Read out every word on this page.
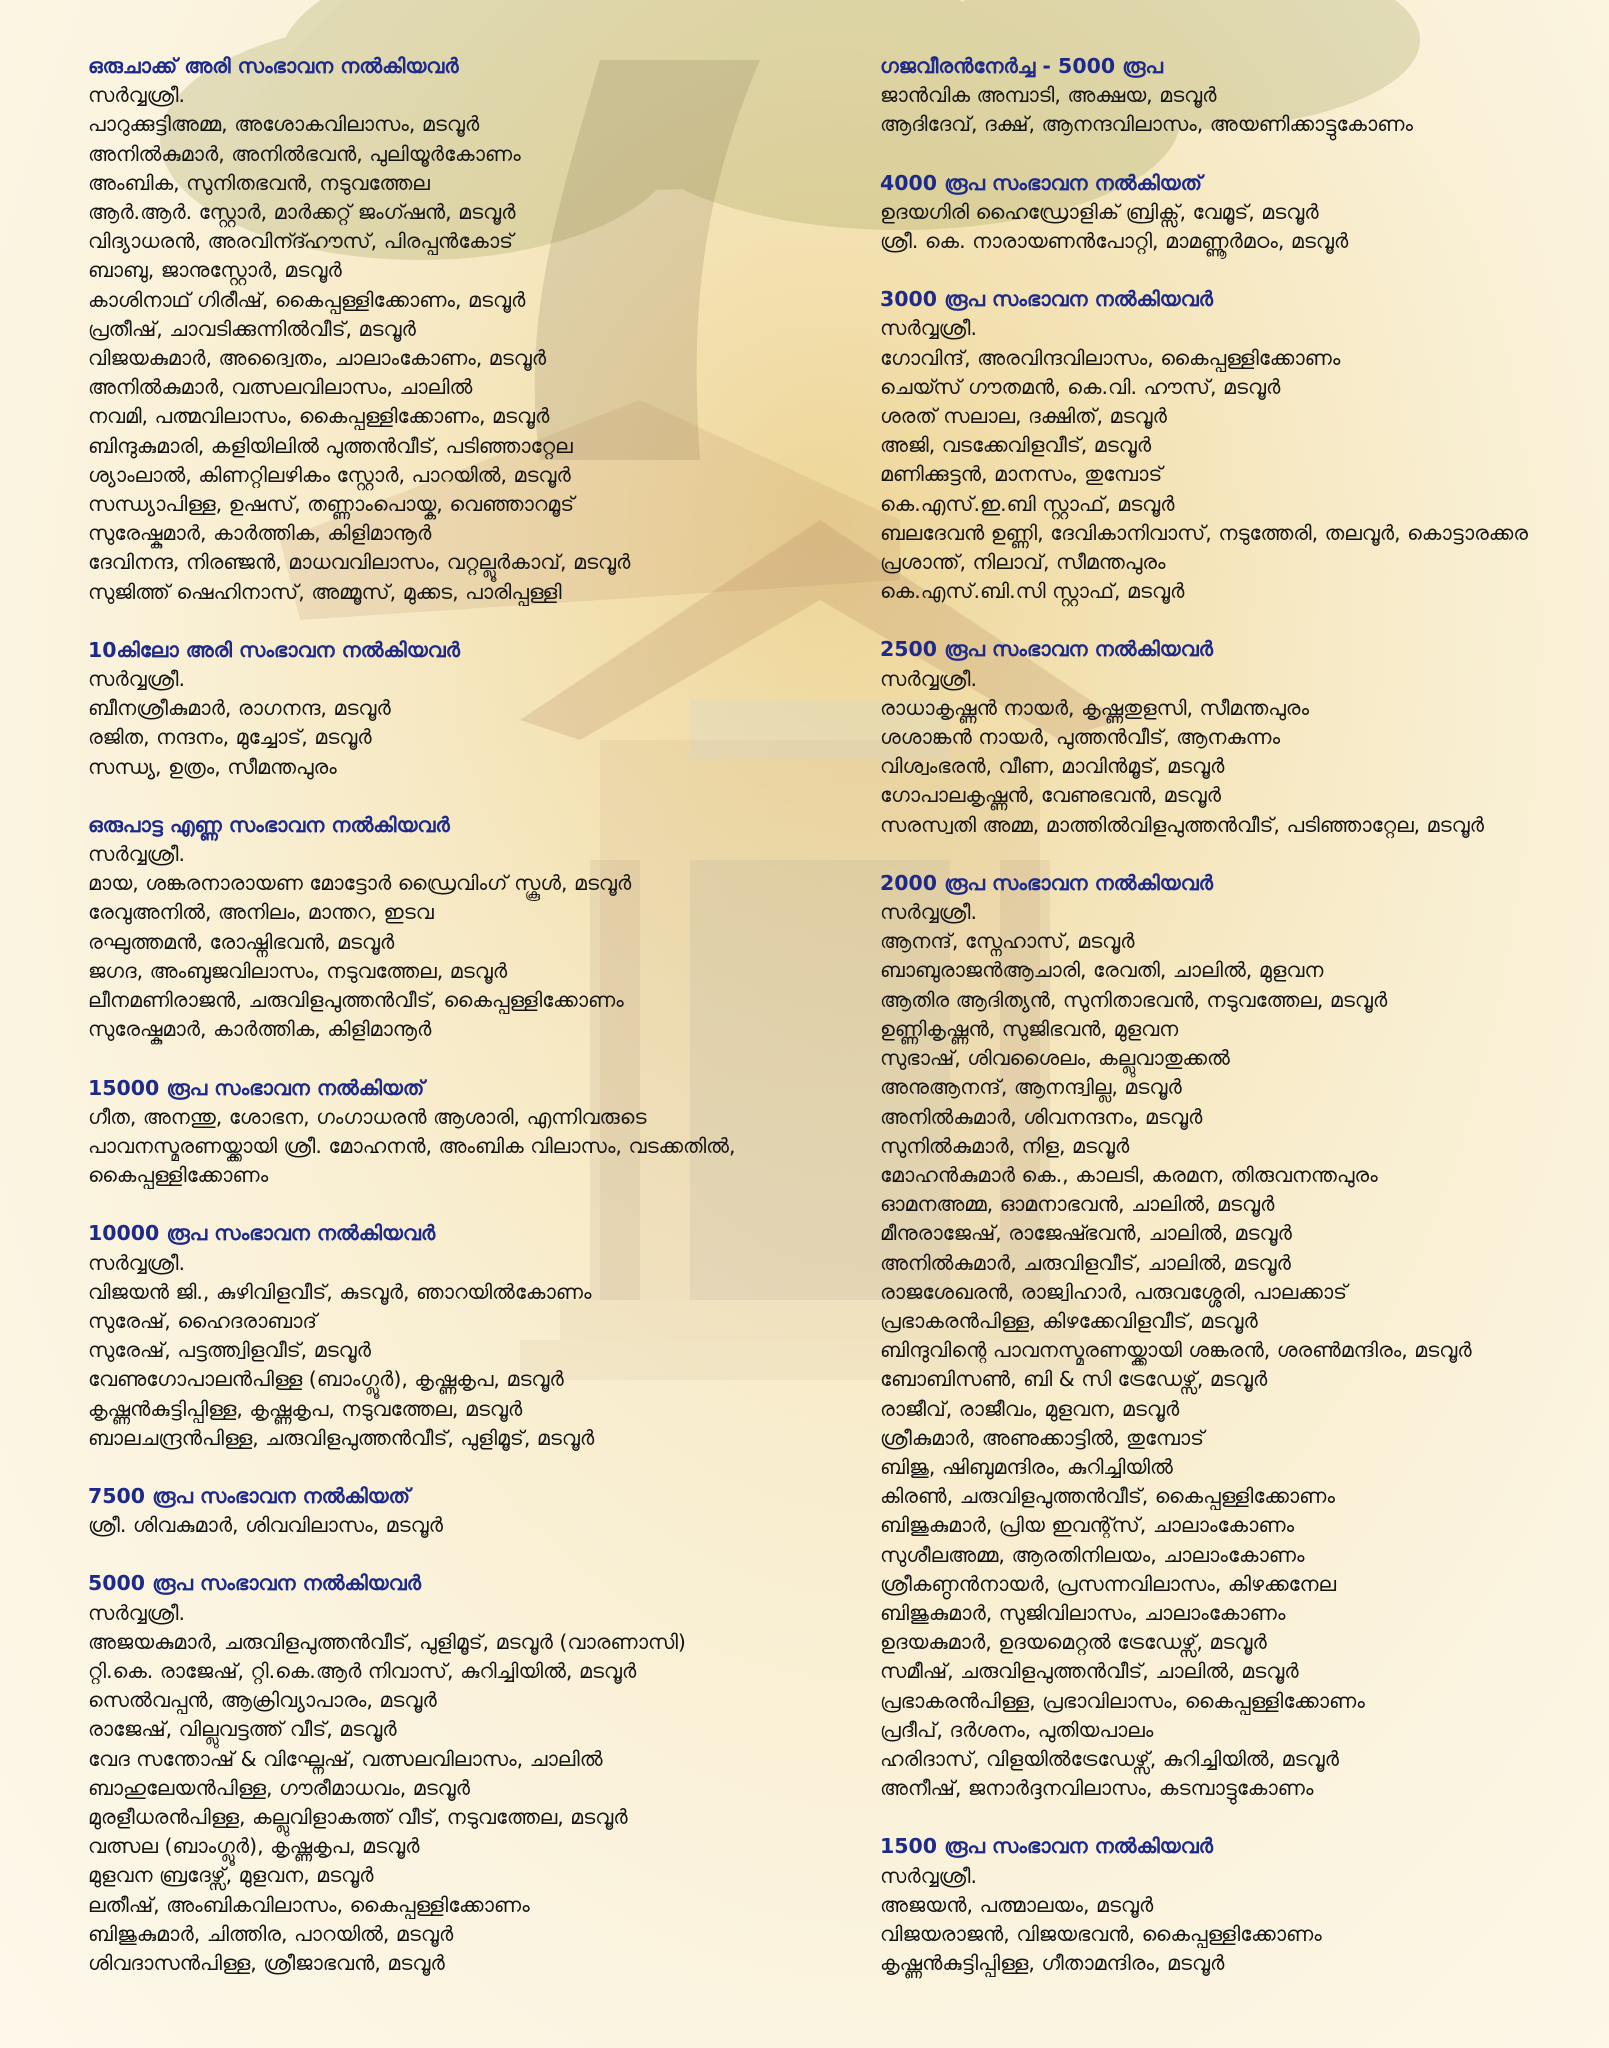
ഒരുചാക്ക് അരി സംഭാവന നൽകിയവർ
സർവ്വശ്രീ.
പാറുക്കുട്ടിഅമ്മ, അശോകവിലാസം, മടവൂർ
അനിൽകുമാർ, അനിൽഭവൻ, പുലിയൂർകോണം
അംബിക, സുനിതഭവൻ, നടുവത്തേല
ആർ.ആർ. സ്റ്റോർ, മാർക്കറ്റ് ജംഗ്ഷൻ, മടവൂർ
വിദ്യാധരൻ, അരവിന്ദ്ഹൗസ്, പിരപ്പൻകോട്
ബാബു, ജാനുസ്റ്റോർ, മടവൂർ
കാശിനാഥ് ഗിരീഷ്, കൈപ്പള്ളിക്കോണം, മടവൂർ
പ്രതീഷ്, ചാവടിക്കുന്നിൽവീട്, മടവൂർ
വിജയകുമാർ, അദ്വൈതം, ചാലാംകോണം, മടവൂർ
അനിൽകുമാർ, വത്സലവിലാസം, ചാലിൽ
നവമി, പത്മവിലാസം, കൈപ്പള്ളിക്കോണം, മടവൂർ
ബിന്ദുകുമാരി, കളിയിലിൽ പുത്തൻവീട്, പടിഞ്ഞാറ്റേല
ശ്യാംലാൽ, കിണറ്റിലഴികം സ്റ്റോർ, പാറയിൽ, മടവൂർ
സന്ധ്യാപിള്ള, ഉഷസ്, തണ്ണാംപൊയ്ക, വെഞ്ഞാറമൂട്
സുരേഷ്കുമാർ, കാർത്തിക, കിളിമാനൂർ
ദേവിനന്ദ, നിരഞ്ജൻ, മാധവവിലാസം, വറ്റല്ലൂർകാവ്, മടവൂർ
സുജിത്ത് ഷെഹിനാസ്, അമ്മൂസ്, മുക്കട, പാരിപ്പള്ളി
10കിലോ അരി സംഭാവന നൽകിയവർ
സർവ്വശ്രീ.
ബീനശ്രീകുമാർ, രാഗനന്ദ, മടവൂർ
രജിത, നന്ദനം, മുച്ചോട്, മടവൂർ
സന്ധ്യ, ഉത്രം, സീമന്തപുരം
ഒരുപാട്ട എണ്ണ സംഭാവന നൽകിയവർ
സർവ്വശ്രീ.
മായ, ശങ്കരനാരായണ മോട്ടോർ ഡ്രൈവിംഗ് സ്കൂൾ, മടവൂർ
രേവുഅനിൽ, അനിലം, മാന്തറ, ഇടവ
രഘുത്തമൻ, രോഷ്നിഭവൻ, മടവൂർ
ജഗദ, അംബുജവിലാസം, നടുവത്തേല, മടവൂർ
ലീനമണിരാജൻ, ചരുവിളപുത്തൻവീട്, കൈപ്പള്ളിക്കോണം
സുരേഷ്കുമാർ, കാർത്തിക, കിളിമാനൂർ
15000 രൂപ സംഭാവന നൽകിയത്
ഗീത, അനന്തു, ശോഭന, ഗംഗാധരൻ ആശാരി, എന്നിവരുടെ
പാവനസ്മരണയ്ക്കായി ശ്രീ. മോഹനൻ, അംബിക വിലാസം, വടക്കതിൽ,
കൈപ്പള്ളിക്കോണം
10000 രൂപ സംഭാവന നൽകിയവർ
സർവ്വശ്രീ.
വിജയൻ ജി., കുഴിവിളവീട്, കുടവൂർ, ഞാറയിൽകോണം
സുരേഷ്, ഹൈദരാബാദ്
സുരേഷ്, പട്ടത്ത്വിളവീട്, മടവൂർ
വേണുഗോപാലൻപിള്ള (ബാംഗ്ലൂർ), കൃഷ്ണകൃപ, മടവൂർ
കൃഷ്ണൻകുട്ടിപ്പിള്ള, കൃഷ്ണകൃപ, നടുവത്തേല, മടവൂർ
ബാലചന്ദ്രൻപിള്ള, ചരുവിളപുത്തൻവീട്, പുളിമൂട്, മടവൂർ
7500 രൂപ സംഭാവന നൽകിയത്
ശ്രീ. ശിവകുമാർ, ശിവവിലാസം, മടവൂർ
5000 രൂപ സംഭാവന നൽകിയവർ
സർവ്വശ്രീ.
അജയകുമാർ, ചരുവിളപുത്തൻവീട്, പുളിമൂട്, മടവൂർ (വാരണാസി)
റ്റി.കെ. രാജേഷ്, റ്റി.കെ.ആർ നിവാസ്, കുറിച്ചിയിൽ, മടവൂർ
സെൽവപ്പൻ, ആക്രിവ്യാപാരം, മടവൂർ
രാജേഷ്, വില്ലുവട്ടത്ത് വീട്, മടവൂർ
വേദ സന്തോഷ് & വിഘ്നേഷ്, വത്സലവിലാസം, ചാലിൽ
ബാഹുലേയൻപിള്ള, ഗൗരീമാധവം, മടവൂർ
മുരളീധരൻപിള്ള, കല്ലുവിളാകത്ത് വീട്, നടുവത്തേല, മടവൂർ
വത്സല (ബാംഗ്ലൂർ), കൃഷ്ണകൃപ, മടവൂർ
മുളവന ബ്രദേഴ്സ്, മുളവന, മടവൂർ
ലതീഷ്, അംബികവിലാസം, കൈപ്പള്ളിക്കോണം
ബിജുകുമാർ, ചിത്തിര, പാറയിൽ, മടവൂർ
ശിവദാസൻപിള്ള, ശ്രീജാഭവൻ, മടവൂർ
ഗജവീരൻനേർച്ച - 5000 രൂപ
ജാൻവിക അമ്പാടി, അക്ഷയ, മടവൂർ
ആദിദേവ്, ദക്ഷ്, ആനന്ദവിലാസം, അയണിക്കാട്ടുകോണം
4000 രൂപ സംഭാവന നൽകിയത്
ഉദയഗിരി ഹൈഡ്രോളിക് ബ്രിക്സ്, വേമൂട്, മടവൂർ
ശ്രീ. കെ. നാരായണൻപോറ്റി, മാമണ്ണൂർമഠം, മടവൂർ
3000 രൂപ സംഭാവന നൽകിയവർ
സർവ്വശ്രീ.
ഗോവിന്ദ്, അരവിന്ദവിലാസം, കൈപ്പള്ളിക്കോണം
ചെയ്സ് ഗൗതമൻ, കെ.വി. ഹൗസ്, മടവൂർ
ശരത് സലാല, ദക്ഷിത്, മടവൂർ
അജി, വടക്കേവിളവീട്, മടവൂർ
മണിക്കുട്ടൻ, മാനസം, തുമ്പോട്
കെ.എസ്.ഇ.ബി സ്റ്റാഫ്, മടവൂർ
ബലദേവൻ ഉണ്ണി, ദേവികാനിവാസ്, നടുത്തേരി, തലവൂർ, കൊട്ടാരക്കര
പ്രശാന്ത്, നിലാവ്, സീമന്തപുരം
കെ.എസ്.ബി.സി സ്റ്റാഫ്, മടവൂർ
2500 രൂപ സംഭാവന നൽകിയവർ
സർവ്വശ്രീ.
രാധാകൃഷ്ണൻ നായർ, കൃഷ്ണതുളസി, സീമന്തപുരം
ശശാങ്കൻ നായർ, പുത്തൻവീട്, ആനകുന്നം
വിശ്വംഭരൻ, വീണ, മാവിൻമൂട്, മടവൂർ
ഗോപാലകൃഷ്ണൻ, വേണുഭവൻ, മടവൂർ
സരസ്വതി അമ്മ, മാത്തിൽവിളപുത്തൻവീട്, പടിഞ്ഞാറ്റേല, മടവൂർ
2000 രൂപ സംഭാവന നൽകിയവർ
സർവ്വശ്രീ.
ആനന്ദ്, സ്നേഹാസ്, മടവൂർ
ബാബുരാജൻആചാരി, രേവതി, ചാലിൽ, മുളവന
ആതിര ആദിത്യൻ, സുനിതാഭവൻ, നടുവത്തേല, മടവൂർ
ഉണ്ണികൃഷ്ണൻ, സുജിഭവൻ, മുളവന
സുഭാഷ്, ശിവശൈലം, കല്ലുവാതുക്കൽ
അനുആനന്ദ്, ആനന്ദ്വില്ല, മടവൂർ
അനിൽകുമാർ, ശിവനന്ദനം, മടവൂർ
സുനിൽകുമാർ, നിള, മടവൂർ
മോഹൻകുമാർ കെ., കാലടി, കരമന, തിരുവനന്തപുരം
ഓമനഅമ്മ, ഓമനാഭവൻ, ചാലിൽ, മടവൂർ
മീനുരാജേഷ്, രാജേഷ്ഭവൻ, ചാലിൽ, മടവൂർ
അനിൽകുമാർ, ചരുവിളവീട്, ചാലിൽ, മടവൂർ
രാജശേഖരൻ, രാജ്വിഹാർ, പരുവശ്ശേരി, പാലക്കാട്
പ്രഭാകരൻപിള്ള, കിഴക്കേവിളവീട്, മടവൂർ
ബിന്ദുവിന്റെ പാവനസ്മരണയ്ക്കായി ശങ്കരൻ, ശരൺമന്ദിരം, മടവൂർ
ബോബിസൺ, ബി & സി ട്രേഡേഴ്സ്, മടവൂർ
രാജീവ്, രാജീവം, മുളവന, മടവൂർ
ശ്രീകുമാർ, അണുക്കാട്ടിൽ, തുമ്പോട്
ബിജു, ഷിബുമന്ദിരം, കുറിച്ചിയിൽ
കിരൺ, ചരുവിളപുത്തൻവീട്, കൈപ്പള്ളിക്കോണം
ബിജുകുമാർ, പ്രിയ ഇവന്റ്സ്, ചാലാംകോണം
സുശീലഅമ്മ, ആരതിനിലയം, ചാലാംകോണം
ശ്രീകണ്ഠൻനായർ, പ്രസന്നവിലാസം, കിഴക്കനേല
ബിജുകുമാർ, സുജിവിലാസം, ചാലാംകോണം
ഉദയകുമാർ, ഉദയമെറ്റൽ ട്രേഡേഴ്സ്, മടവൂർ
സമീഷ്, ചരുവിളപുത്തൻവീട്, ചാലിൽ, മടവൂർ
പ്രഭാകരൻപിള്ള, പ്രഭാവിലാസം, കൈപ്പള്ളിക്കോണം
പ്രദീപ്, ദർശനം, പുതിയപാലം
ഹരിദാസ്, വിളയിൽട്രേഡേഴ്സ്, കുറിച്ചിയിൽ, മടവൂർ
അനീഷ്, ജനാർദ്ദനവിലാസം, കടമ്പാട്ടുകോണം
1500 രൂപ സംഭാവന നൽകിയവർ
സർവ്വശ്രീ.
അജയൻ, പത്മാലയം, മടവൂർ
വിജയരാജൻ, വിജയഭവൻ, കൈപ്പള്ളിക്കോണം
കൃഷ്ണൻകുട്ടിപ്പിള്ള, ഗീതാമന്ദിരം, മടവൂർ
